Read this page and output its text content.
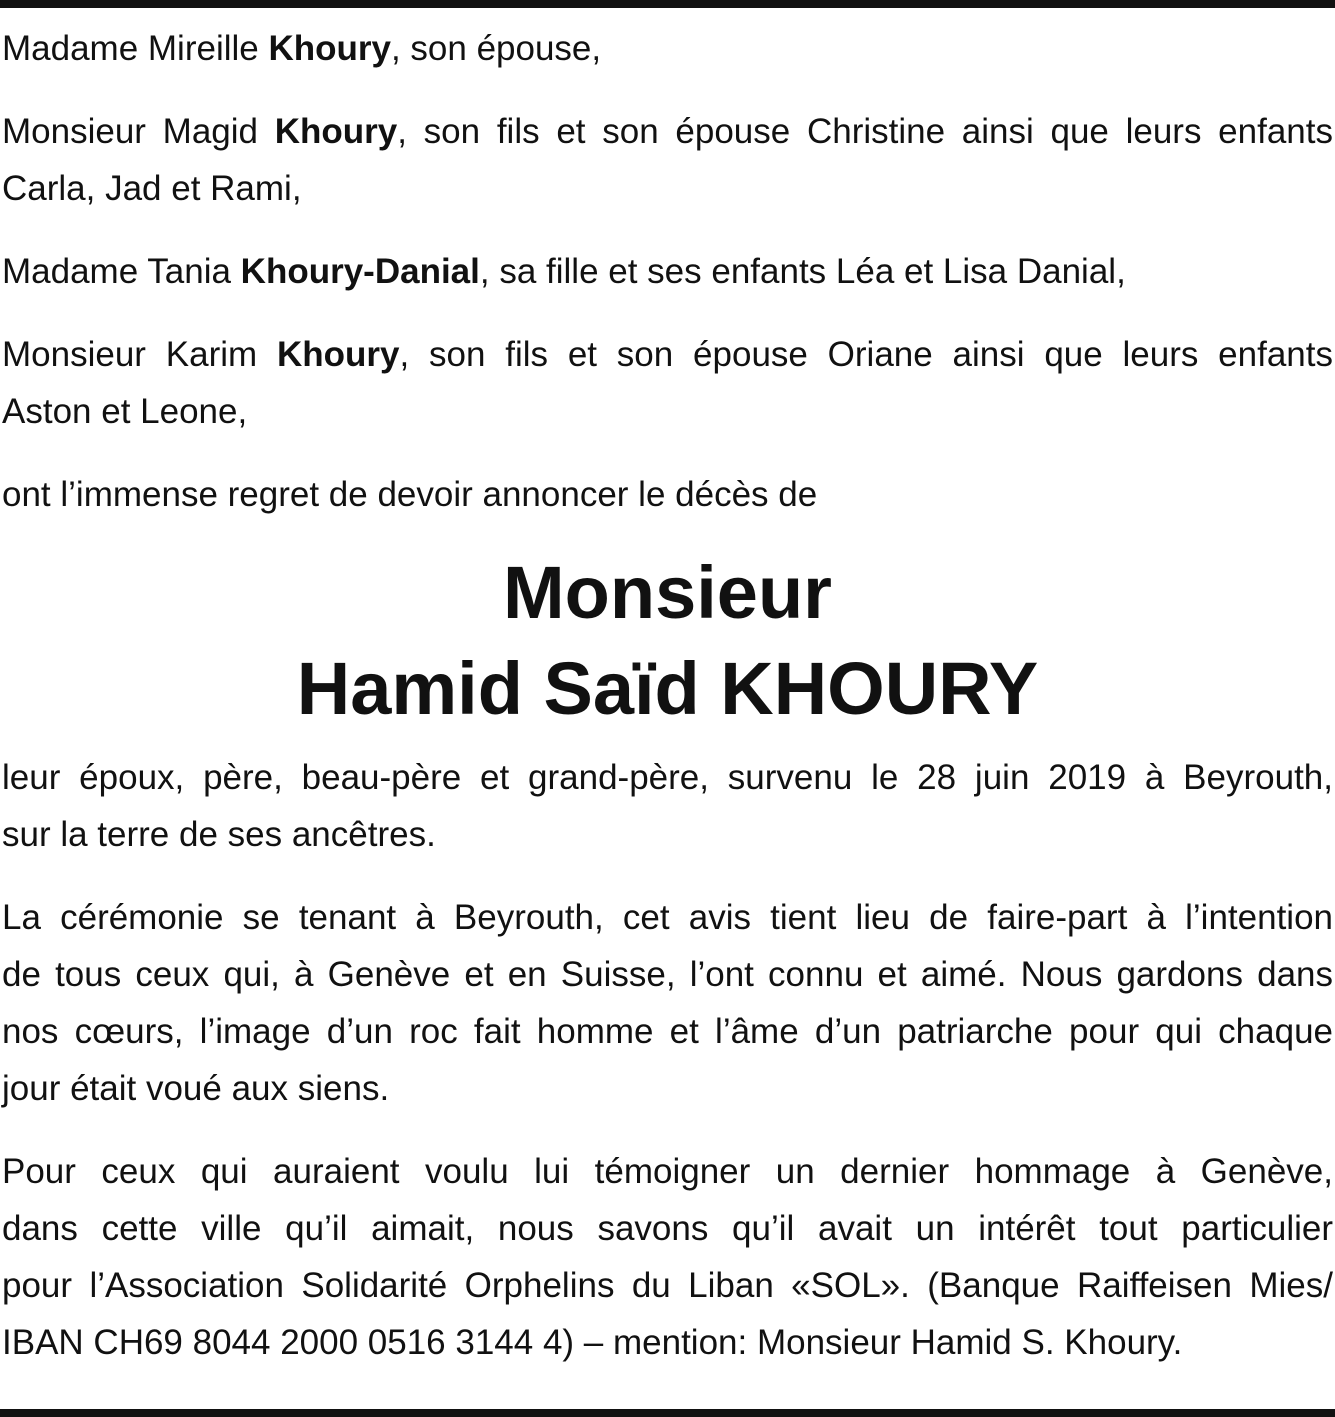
Madame Mireille Khoury, son épouse,

Monsieur Magid Khoury, son fils et son épouse Christine ainsi que leurs enfants
Carla, Jad et Rami,

Madame Tania Khoury-Danial, sa fille et ses enfants Léa et Lisa Danial,

Monsieur Karim Khoury, son fils et son épouse Oriane ainsi que leurs enfants
Aston et Leone,

ont l’immense regret de devoir annoncer le décès de

Monsieur
Hamid Saïd KHOURY

leur époux, père, beau-père et grand-père, survenu le 28 juin 2019 à Beyrouth,
sur la terre de ses ancêtres.

La cérémonie se tenant à Beyrouth, cet avis tient lieu de faire-part à l’intention
de tous ceux qui, à Genève et en Suisse, l’ont connu et aimé. Nous gardons dans
nos cœurs, l’image d’un roc fait homme et l’âme d’un patriarche pour qui chaque
jour était voué aux siens.

Pour ceux qui auraient voulu lui témoigner un dernier hommage à Genève,
dans cette ville qu’il aimait, nous savons qu’il avait un intérêt tout particulier
pour l’Association Solidarité Orphelins du Liban «SOL». (Banque Raiffeisen Mies/
IBAN CH69 8044 2000 0516 3144 4) – mention: Monsieur Hamid S. Khoury.
